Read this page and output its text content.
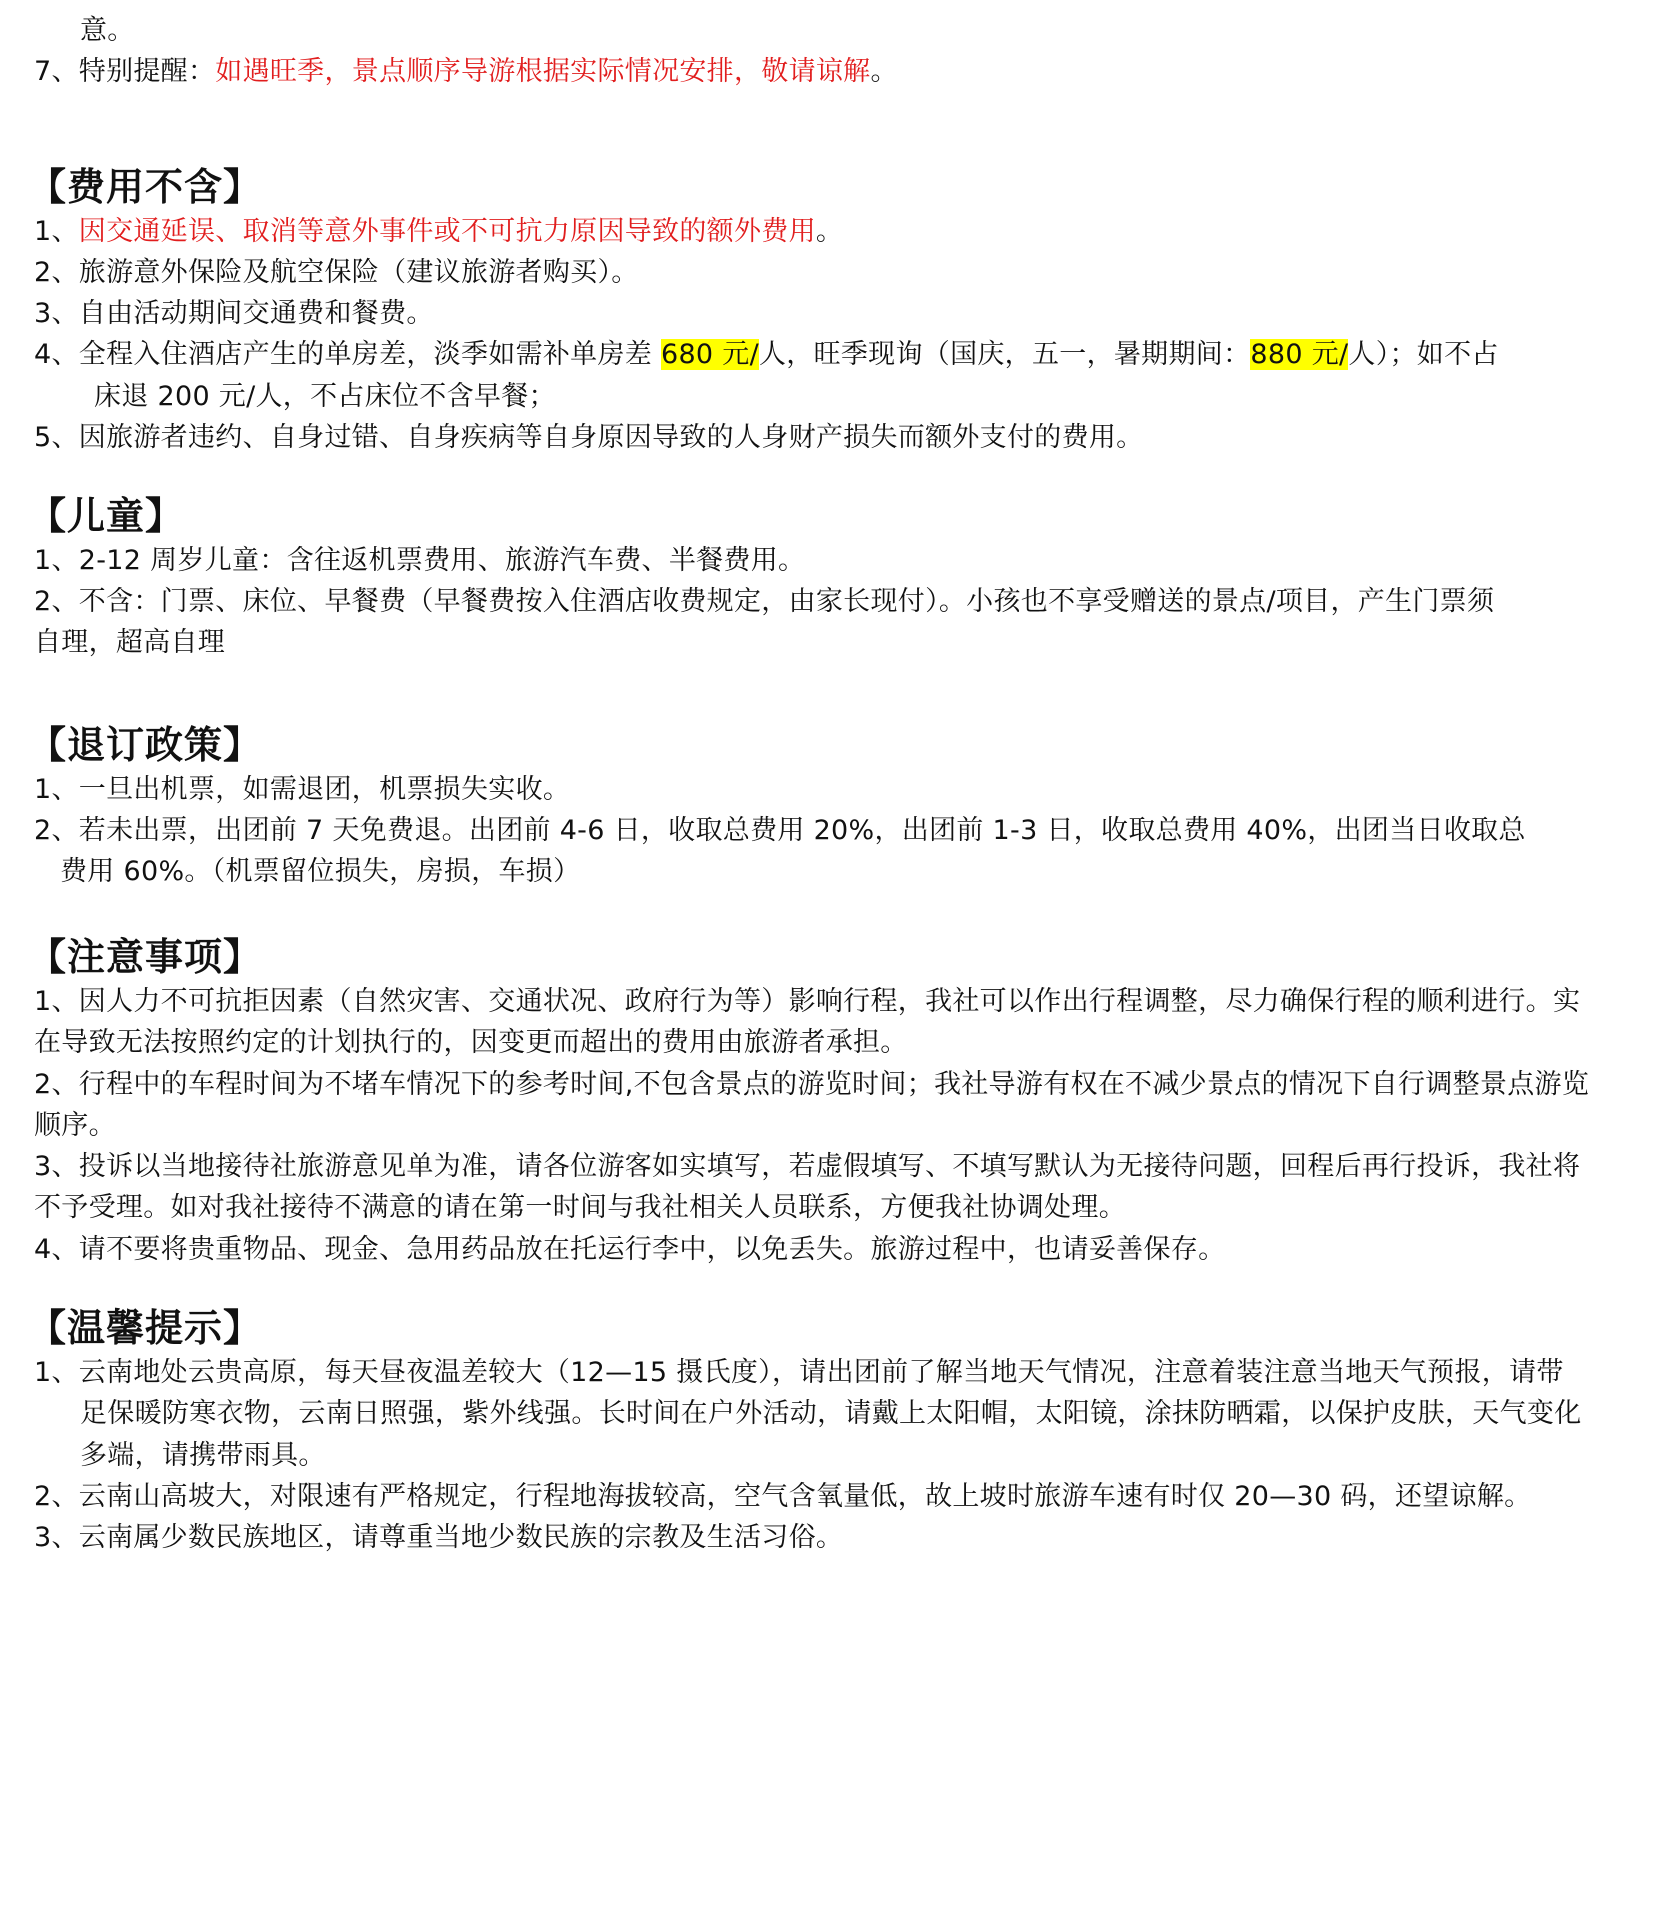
意。
7、特别提醒：如遇旺季，景点顺序导游根据实际情况安排，敬请谅解。
【费用不含】
1、因交通延误、取消等意外事件或不可抗力原因导致的额外费用。
2、旅游意外保险及航空保险（建议旅游者购买）。
3、自由活动期间交通费和餐费。
4、全程入住酒店产生的单房差，淡季如需补单房差 680 元/人，旺季现询（国庆，五一，暑期期间：880 元/人）；如不占
床退 200 元/人，不占床位不含早餐；
5、因旅游者违约、自身过错、自身疾病等自身原因导致的人身财产损失而额外支付的费用。
【儿童】
1、2-12 周岁儿童：含往返机票费用、旅游汽车费、半餐费用。
2、不含：门票、床位、早餐费（早餐费按入住酒店收费规定，由家长现付）。小孩也不享受赠送的景点/项目，产生门票须
自理，超高自理
【退订政策】
1、一旦出机票，如需退团，机票损失实收。
2、若未出票，出团前 7 天免费退。出团前 4-6 日，收取总费用 20%，出团前 1-3 日，收取总费用 40%，出团当日收取总
费用 60%。（机票留位损失，房损，车损）
【注意事项】
1、因人力不可抗拒因素（自然灾害、交通状况、政府行为等）影响行程，我社可以作出行程调整，尽力确保行程的顺利进行。实
在导致无法按照约定的计划执行的，因变更而超出的费用由旅游者承担。
2、行程中的车程时间为不堵车情况下的参考时间,不包含景点的游览时间；我社导游有权在不减少景点的情况下自行调整景点游览
顺序。
3、投诉以当地接待社旅游意见单为准，请各位游客如实填写，若虚假填写、不填写默认为无接待问题，回程后再行投诉，我社将
不予受理。如对我社接待不满意的请在第一时间与我社相关人员联系，方便我社协调处理。
4、请不要将贵重物品、现金、急用药品放在托运行李中，以免丢失。旅游过程中，也请妥善保存。
【温馨提示】
1、云南地处云贵高原，每天昼夜温差较大（12—15 摄氏度），请出团前了解当地天气情况，注意着装注意当地天气预报，请带
足保暖防寒衣物，云南日照强，紫外线强。长时间在户外活动，请戴上太阳帽，太阳镜，涂抹防晒霜，以保护皮肤，天气变化
多端，请携带雨具。
2、云南山高坡大，对限速有严格规定，行程地海拔较高，空气含氧量低，故上坡时旅游车速有时仅 20—30 码，还望谅解。
3、云南属少数民族地区，请尊重当地少数民族的宗教及生活习俗。
